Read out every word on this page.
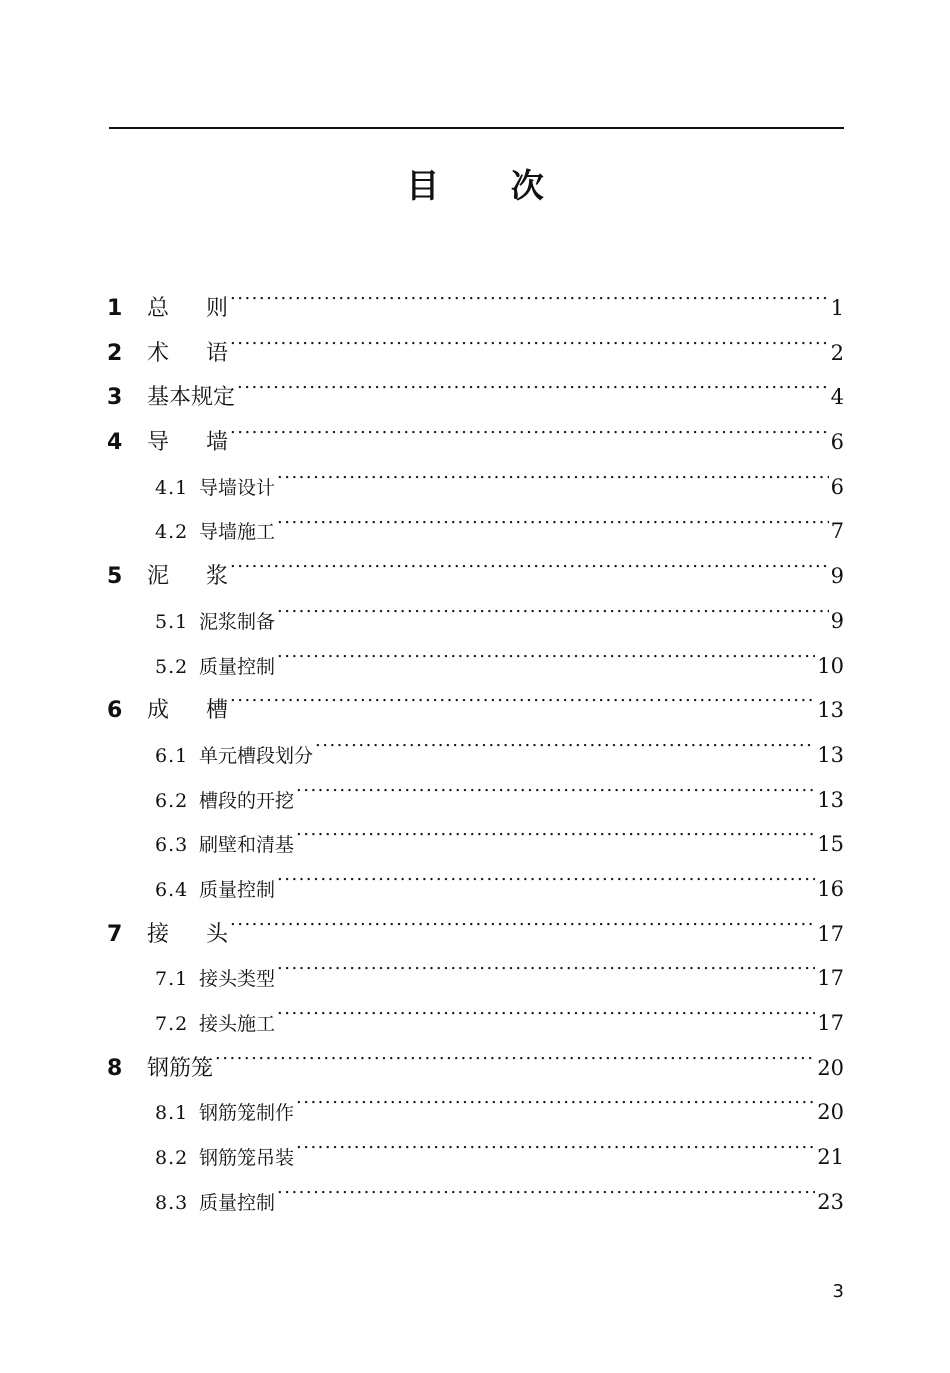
目 次
1	总 则 .....	1
2	术 语 .....	2
3	基本规定 .....	4
4	导 墙 .....	6
4.1 导墙设计 .....	6
4.2 导墙施工 .....	7
5	泥 浆 .....	9
5.1 泥浆制备 .....	9
5.2 质量控制 .....	10
6	成 槽 .....	13
6.1 单元槽段划分 .....	13
6.2 槽段的开挖 .....	13
6.3 刷壁和清基 .....	15
6.4 质量控制 .....	16
7	接 头 .....	17
7.1 接头类型 .....	17
7.2 接头施工 .....	17
8	钢筋笼 .....	20
8.1 钢筋笼制作 .....	20
8.2 钢筋笼吊装 .....	21
8.3 质量控制 .....	23
3
